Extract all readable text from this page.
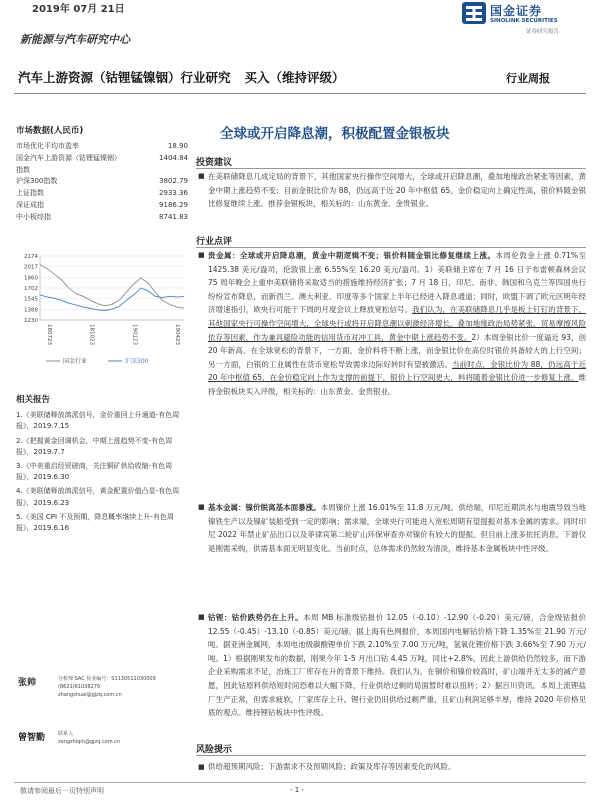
2019年 07月 21日	国金证券
SINOLINK SECURITIES
证券研究报告
新能源与汽车研究中心
汽车上游资源（钴锂锰镍铟）行业研究 买入（维持评级）	行业周报
市场数据(人民币)
市场优化平均市盈率	18.90
国金汽车上游资源（钴锂锰镍铟）指数
1404.84
沪深300指数	3802.79
上证指数	2933.36
深证成指	9186.29
中小板综指	8741.83
2174
2017
1860
1702
1545
1388
1230
180723	181023	190123	190423
国金行业	沪深300
相关报告
1.《美联储释放鸽派信号，金价重回上升通道-有色周报》，2019.7.15
2.《把握黄金回调机会，中期上涨趋势不变-有色周报》，2019.7.7
3.《中美重启经贸磋商，关注铜矿供给收缩-有色周报》，2019.6.30
4.《美联储释放鸽派信号，黄金配置价值凸显-有色周报》，2019.6.23
5.《美国 CPI 不及预期，降息概率继续上升-有色周报》，2019.6.16
张帅	分析师 SAC 执业编号：S1130511030009
(8621)61038279
zhangshuai@gjzq.com.cn
曾智勤	联系人
zengzhiqin@gjzq.com.cn
全球或开启降息潮，积极配置金银板块
投资建议
■ 在美联储降息几成定局的背景下，其他国家央行操作空间增大，全球或开启降息潮，叠加地缘政治紧张等因素，黄金中期上涨趋势不变；目前金银比价为 88，仍远高于近 20 年中枢值 65。金价稳定向上确定性高，银价料随金银比修复继续上涨。推荐金银板块，相关标的：山东黄金、金贵银业。
行业点评
■ 贵金属：全球或开启降息潮，黄金中期逻辑不变；银价料随金银比修复继续上涨。本周伦敦金上涨 0.71%至 1425.38 美元/盎司，伦敦银上涨 6.55%至 16.20 美元/盎司。1）美联储主席在 7 月 16 日于布雷顿森林会议 75 周年晚会上重申美联储将采取适当的措施维持经济扩张；7 月 18 日，印尼、南非、韩国和乌克兰等四国央行纷纷宣布降息，而新西兰、澳大利亚、印度等多个国家上半年已经进入降息通道；同时，欧盟下调了欧元区明年经济增速指引，欧央行可能于下周的月度会议上释放宽松信号。我们认为，在美联储降息几乎是板上钉钉的背景下，其他国家央行可操作空间增大，全球央行或将开启降息潮以刺激经济增长。叠加地缘政治局势紧张、贸易摩擦风险依存等因素，作为兼具避险功能的信用货币对冲工具，黄金中期上涨趋势不变。2）本周金银比价一度逼近 93，创 20 年新高。在全球宽松的背景下，一方面，金价料将不断上涨，而金银比价在高位时银价具备较大的上行空间；另一方面，白银的工业属性在货币宽松导致需求边际好转时有望被激活。当前时点，金银比价为 88，仍远高于近 20 年中枢值 65，在金价稳定向上作为支撑的前提下，银价上行空间更大，料将随着金银比价进一步修复上涨。维持金银板块买入评级，相关标的：山东黄金、金贵银业。
■ 基本金属：镍价脱离基本面暴涨。本周镍价上涨 16.01%至 11.8 万元/吨。供给端，印尼近期洪水与地震导致当地镍铁生产以及镍矿装船受到一定的影响；需求端，全球央行可能进入宽松周期有望提振对基本金属的需求。同时印尼 2022 年禁止矿品出口以及菲律宾第二轮矿山环保审查亦对镍价有较大的提振。但目前上涨多依托消息，下游仅是刚需采购，供需基本面无明显变化。当前时点，总体需求仍然较为清淡，维持基本金属板块中性评级。
■ 钴锂：钴价跌势仍在上升。本周 MB 标准级钴报价 12.05（-0.10）-12.90（-0.20）美元/磅，合金级钴报价 12.55（-0.45）-13.10（-0.85）美元/磅。据上海有色网报价，本周国内电解钴价格下降 1.35%至 21.90 万元/吨。据亚洲金属网，本周电池级碳酸锂单价下跌 2.10%至 7.00 万元/吨，氢氧化锂价格下跌 3.66%至 7.90 万元/吨。1）根据刚果发布的数据，刚果今年 1-5 月出口钴 4.45 万吨，同比+2.8%，因此上游供给仍然较多，而下游企业采购需求不足，冶炼工厂库存在升的背景下维持。我们认为，在铜价和镍价较高时，矿山端并无太多的减产意愿，因此钴原料供给短时间恐难以大幅下降，行业供给过剩的局面暂时难以扭转；2）据百川资讯，本周上流锂盐厂生产正常，但需求疲软，厂家库存上升。锂行业仍旧供给过剩严重，且矿山利润足够丰厚，维持 2020 年价格见底的观点。维持锂钴板块中性评级。
风险提示
■ 供给超预期风险；下游需求不及预期风险；政策及库存等因素变化的风险。
敬请参阅最后一页特别声明	- 1 -
